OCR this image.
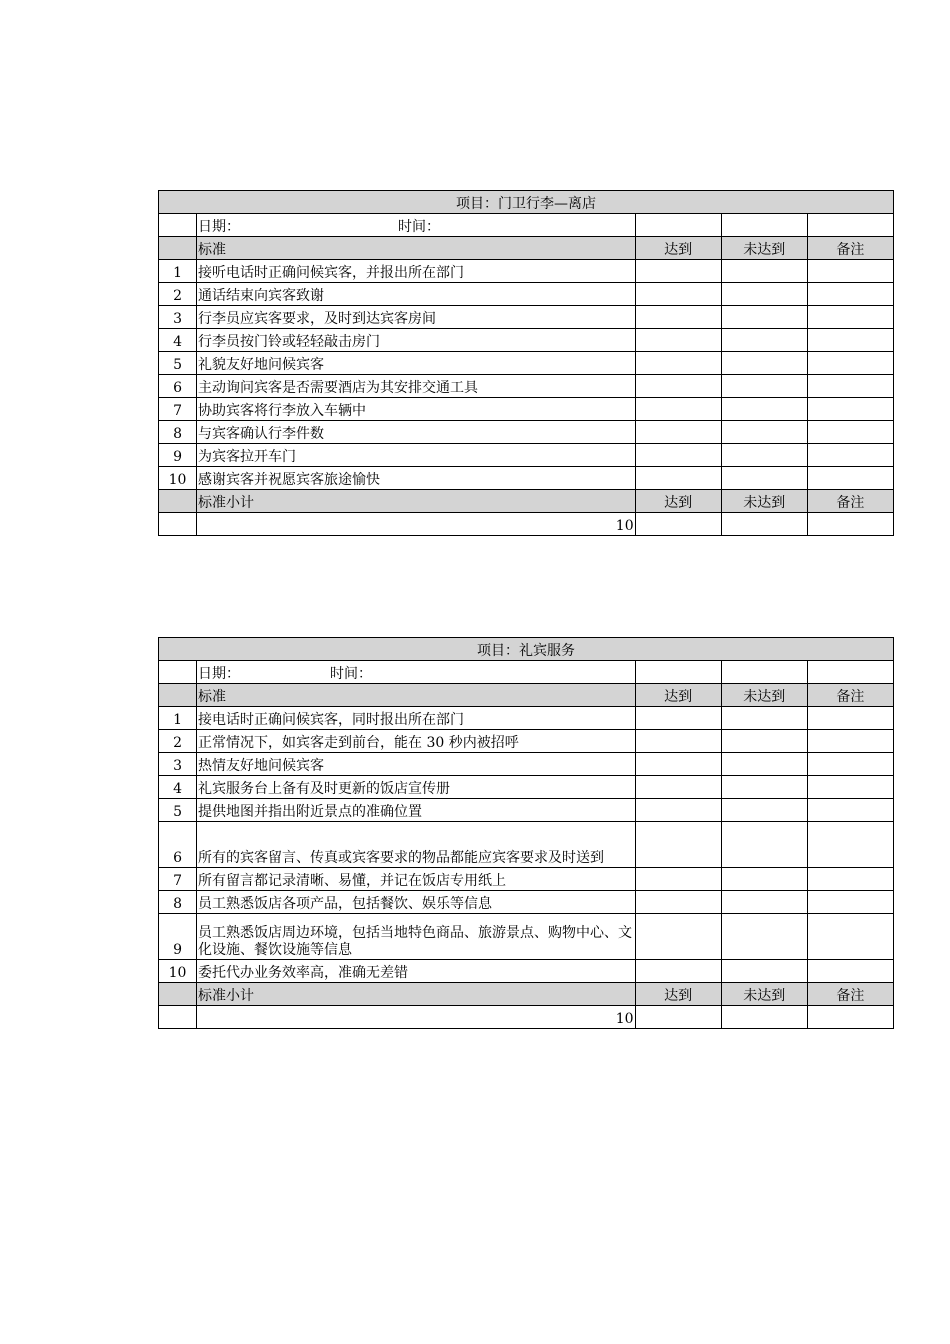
项目：门卫行李—离店				
	日期： 时间：			
	标准	达到	未达到	备注
1	接听电话时正确问候宾客，并报出所在部门			
2	通话结束向宾客致谢			
3	行李员应宾客要求，及时到达宾客房间			
4	行李员按门铃或轻轻敲击房门			
5	礼貌友好地问候宾客			
6	主动询问宾客是否需要酒店为其安排交通工具			
7	协助宾客将行李放入车辆中			
8	与宾客确认行李件数			
9	为宾客拉开车门			
10	感谢宾客并祝愿宾客旅途愉快			
	标准小计	达到	未达到	备注
	10			
项目：礼宾服务				
	日期： 时间：			
	标准	达到	未达到	备注
1	接电话时正确问候宾客，同时报出所在部门			
2	正常情况下，如宾客走到前台，能在 30 秒内被招呼			
3	热情友好地问候宾客			
4	礼宾服务台上备有及时更新的饭店宣传册			
5	提供地图并指出附近景点的准确位置			
6	所有的宾客留言、传真或宾客要求的物品都能应宾客要求及时送到			
7	所有留言都记录清晰、易懂，并记在饭店专用纸上			
8	员工熟悉饭店各项产品，包括餐饮、娱乐等信息			
9	员工熟悉饭店周边环境，包括当地特色商品、旅游景点、购物中心、文化设施、餐饮设施等信息			
10	委托代办业务效率高，准确无差错			
	标准小计	达到	未达到	备注
	10			
